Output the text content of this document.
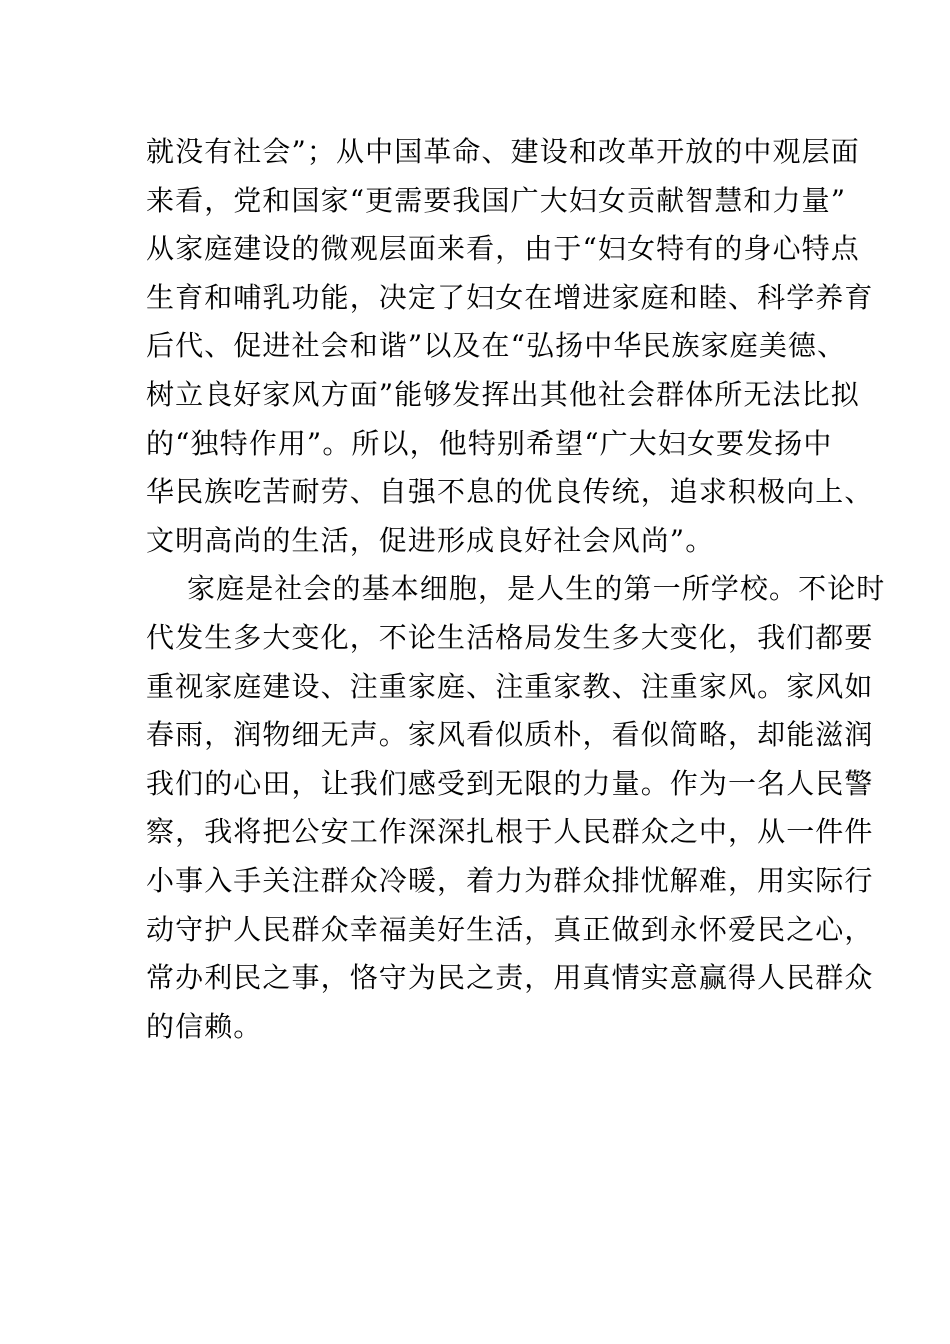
就没有社会”；从中国革命、建设和改革开放的中观层面
来看，党和国家“更需要我国广大妇女贡献智慧和力量”
从家庭建设的微观层面来看，由于“妇女特有的身心特点
生育和哺乳功能，决定了妇女在增进家庭和睦、科学养育
后代、促进社会和谐”以及在“弘扬中华民族家庭美德、
树立良好家风方面”能够发挥出其他社会群体所无法比拟
的“独特作用”。所以，他特别希望“广大妇女要发扬中
华民族吃苦耐劳、自强不息的优良传统，追求积极向上、
文明高尚的生活，促进形成良好社会风尚”。
家庭是社会的基本细胞，是人生的第一所学校。不论时
代发生多大变化，不论生活格局发生多大变化，我们都要
重视家庭建设、注重家庭、注重家教、注重家风。家风如
春雨，润物细无声。家风看似质朴，看似简略，却能滋润
我们的心田，让我们感受到无限的力量。作为一名人民警
察，我将把公安工作深深扎根于人民群众之中，从一件件
小事入手关注群众冷暖，着力为群众排忧解难，用实际行
动守护人民群众幸福美好生活，真正做到永怀爱民之心，
常办利民之事，恪守为民之责，用真情实意赢得人民群众
的信赖。
